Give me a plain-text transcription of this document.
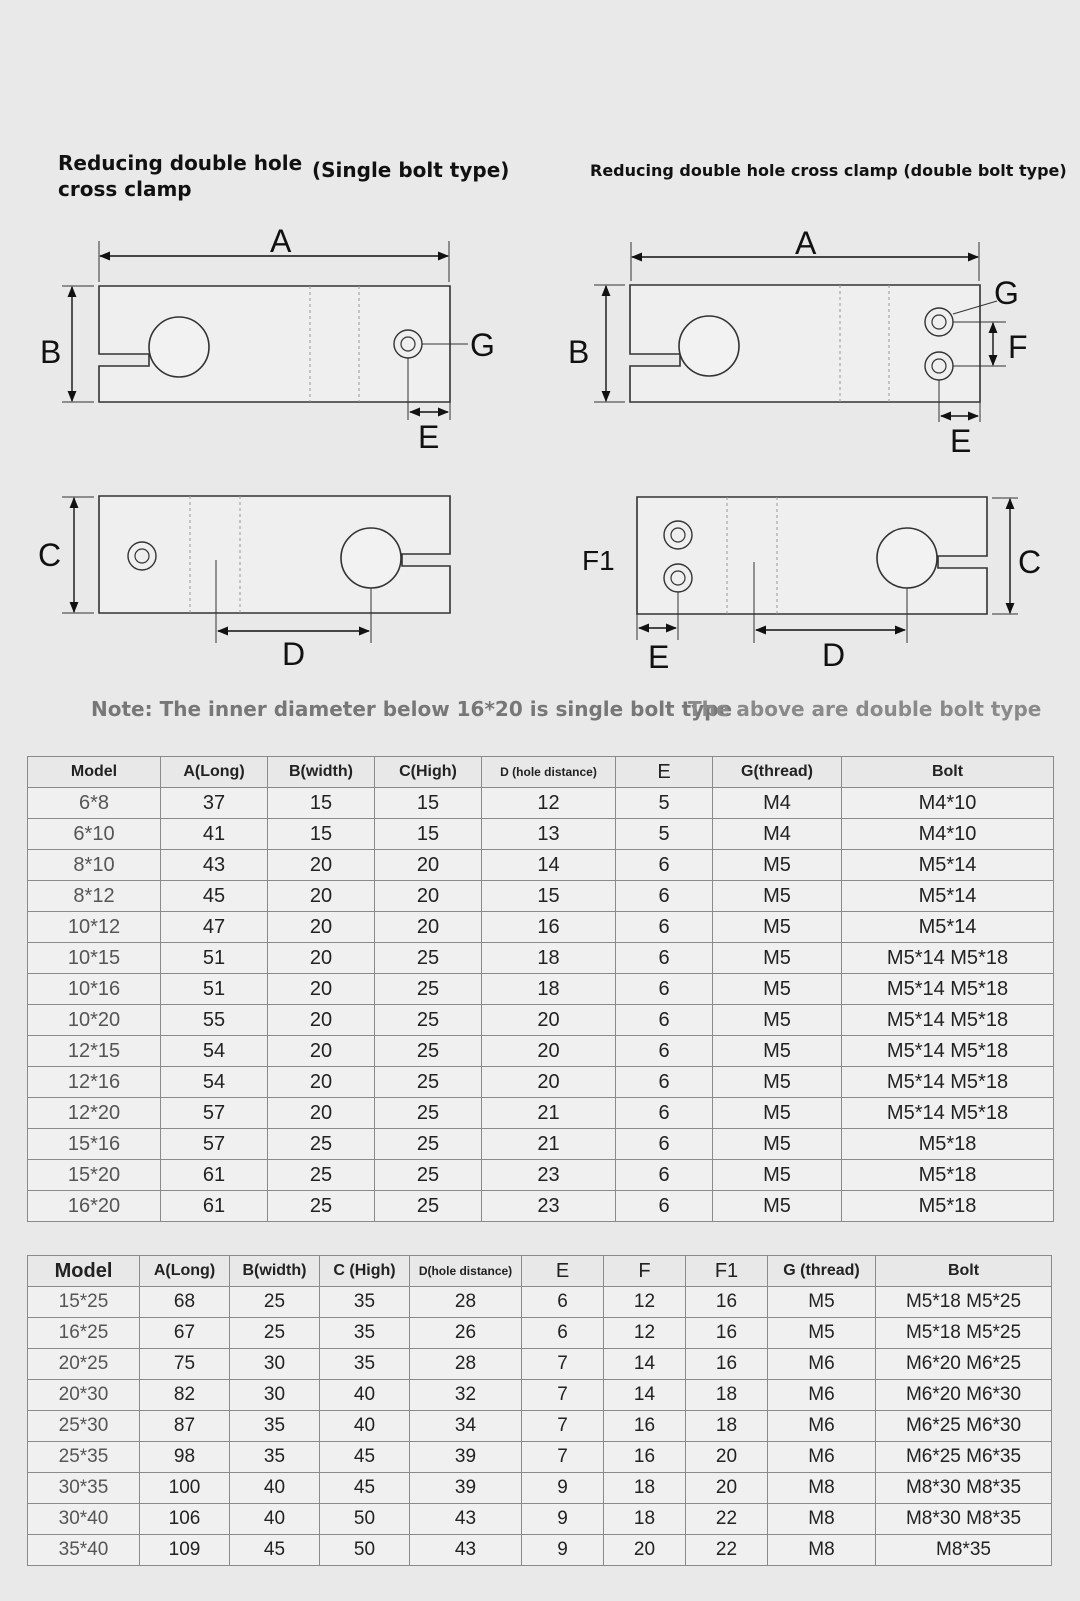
Reducing double hole cross clamp
(Single bolt type)	Reducing double hole cross clamp (double bolt type)
A
B	G
E
C
D
A
B
G
F
E
F1	C
E	D
Note: The inner diameter below 16*20 is single bolt type
The above are double bolt type
Model	A(Long)	B(width)	C(High)	D (hole distance)	E	G(thread)	Bolt
6*8	37	15	15	12	5	M4	M4*10
6*10	41	15	15	13	5	M4	M4*10
8*10	43	20	20	14	6	M5	M5*14
8*12	45	20	20	15	6	M5	M5*14
10*12	47	20	20	16	6	M5	M5*14
10*15	51	20	25	18	6	M5	M5*14 M5*18
10*16	51	20	25	18	6	M5	M5*14 M5*18
10*20	55	20	25	20	6	M5	M5*14 M5*18
12*15	54	20	25	20	6	M5	M5*14 M5*18
12*16	54	20	25	20	6	M5	M5*14 M5*18
12*20	57	20	25	21	6	M5	M5*14 M5*18
15*16	57	25	25	21	6	M5	M5*18
15*20	61	25	25	23	6	M5	M5*18
16*20	61	25	25	23	6	M5	M5*18
Model	A(Long)	B(width)	C (High)	D(hole distance)	E	F	F1	G (thread)	Bolt
15*25	68	25	35	28	6	12	16	M5	M5*18 M5*25
16*25	67	25	35	26	6	12	16	M5	M5*18 M5*25
20*25	75	30	35	28	7	14	16	M6	M6*20 M6*25
20*30	82	30	40	32	7	14	18	M6	M6*20 M6*30
25*30	87	35	40	34	7	16	18	M6	M6*25 M6*30
25*35	98	35	45	39	7	16	20	M6	M6*25 M6*35
30*35	100	40	45	39	9	18	20	M8	M8*30 M8*35
30*40	106	40	50	43	9	18	22	M8	M8*30 M8*35
35*40	109	45	50	43	9	20	22	M8	M8*35
